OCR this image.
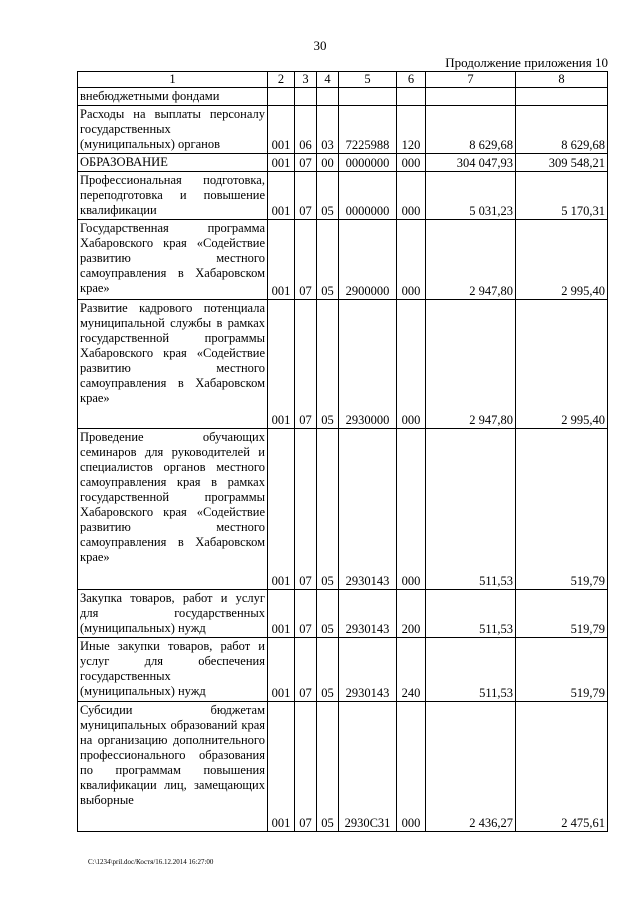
30
Продолжение приложения 10
1	2	3	4	5	6	7	8
внебюджетными фондами							
Расходы на выплаты персоналу государственных (муниципальных) органов	001	06	03	7225988	120	8 629,68	8 629,68
ОБРАЗОВАНИЕ	001	07	00	0000000	000	304 047,93	309 548,21
Профессиональная подготовка, переподготовка и повышение квалификации	001	07	05	0000000	000	5 031,23	5 170,31
Государственная программа Хабаровского края «Содействие развитию местного самоуправления в Хабаровском крае»	001	07	05	2900000	000	2 947,80	2 995,40
Развитие кадрового потенциала муниципальной службы в рамках государственной программы Хабаровского края «Содействие развитию местного самоуправления в Хабаровском крае»	001	07	05	2930000	000	2 947,80	2 995,40
Проведение обучающих семинаров для руководителей и специалистов органов местного самоуправления края в рамках государственной программы Хабаровского края «Содействие развитию местного самоуправления в Хабаровском крае»	001	07	05	2930143	000	511,53	519,79
Закупка товаров, работ и услуг для государственных (муниципальных) нужд	001	07	05	2930143	200	511,53	519,79
Иные закупки товаров, работ и услуг для обеспечения государственных (муниципальных) нужд	001	07	05	2930143	240	511,53	519,79
Субсидии бюджетам муниципальных образований края на организацию дополнительного профессионального образования по программам повышения квалификации лиц, замещающих выборные	001	07	05	2930С31	000	2 436,27	2 475,61
C:\1234\pril.doc/Костя/16.12.2014 16:27:00
